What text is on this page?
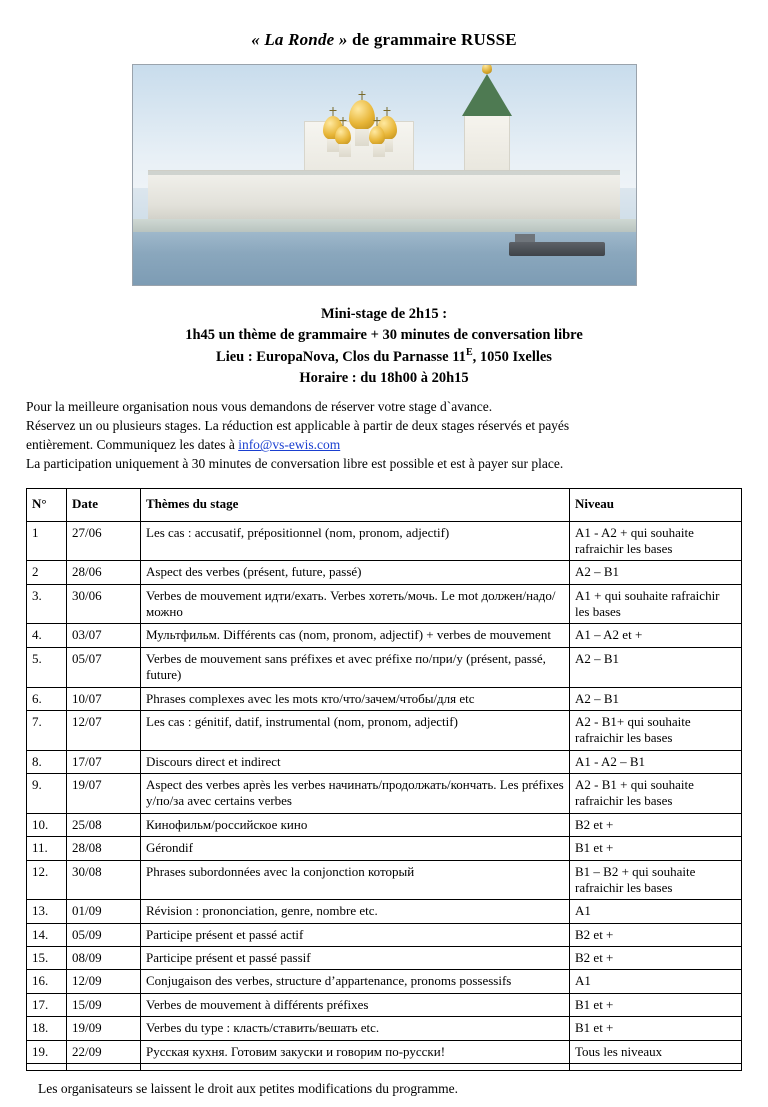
« La Ronde » de grammaire RUSSE
Mini-stage de 2h15 :
1h45 un thème de grammaire + 30 minutes de conversation libre
Lieu : EuropaNova, Clos du Parnasse $11^E$, 1050 Ixelles
Horaire : du 18h00 à 20h15
Pour la meilleure organisation nous vous demandons de réserver votre stage d`avance.
Réservez un ou plusieurs stages. La réduction est applicable à partir de deux stages réservés et payés
entièrement. Communiquez les dates à info@vs-ewis.com
La participation uniquement à 30 minutes de conversation libre est possible et est à payer sur place.
N°	Date	Thèmes du stage	Niveau
1	27/06	Les cas : accusatif, prépositionnel (nom, pronom, adjectif)	A1 - A2 + qui souhaite rafraichir les bases
2	28/06	Aspect des verbes (présent, future, passé)	A2 – B1
3.	30/06	Verbes de mouvement идти/ехать. Verbes хотеть/мочь. Le mot должен/надо/можно	A1 + qui souhaite rafraichir les bases
4.	03/07	Мультфильм. Différents cas (nom, pronom, adjectif) + verbes de mouvement	A1 – A2 et +
5.	05/07	Verbes de mouvement sans préfixes et avec préfixe по/при/у (présent, passé, future)	A2 – B1
6.	10/07	Phrases complexes avec les mots кто/что/зачем/чтобы/для etc	A2 – B1
7.	12/07	Les cas : génitif, datif, instrumental (nom, pronom, adjectif)	A2 - B1+ qui souhaite rafraichir les bases
8.	17/07	Discours direct et indirect	A1 - A2 – B1
9.	19/07	Aspect des verbes après les verbes начинать/продолжать/кончать. Les préfixes у/по/за avec certains verbes	A2 - B1 + qui souhaite rafraichir les bases
10.	25/08	Кинофильм/российское кино	B2 et +
11.	28/08	Gérondif	B1 et +
12.	30/08	Phrases subordonnées avec la conjonction который	B1 – B2 + qui souhaite rafraichir les bases
13.	01/09	Révision : prononciation, genre, nombre etc.	A1
14.	05/09	Participe présent et passé actif	B2 et +
15.	08/09	Participe présent et passé passif	B2 et +
16.	12/09	Conjugaison des verbes, structure d’appartenance, pronoms possessifs	A1
17.	15/09	Verbes de mouvement à différents préfixes	B1 et +
18.	19/09	Verbes du type : класть/ставить/вешать etc.	B1 et +
19.	22/09	Русская кухня. Готовим закуски и говорим по-русски!	Tous les niveaux

Les organisateurs se laissent le droit aux petites modifications du programme.
